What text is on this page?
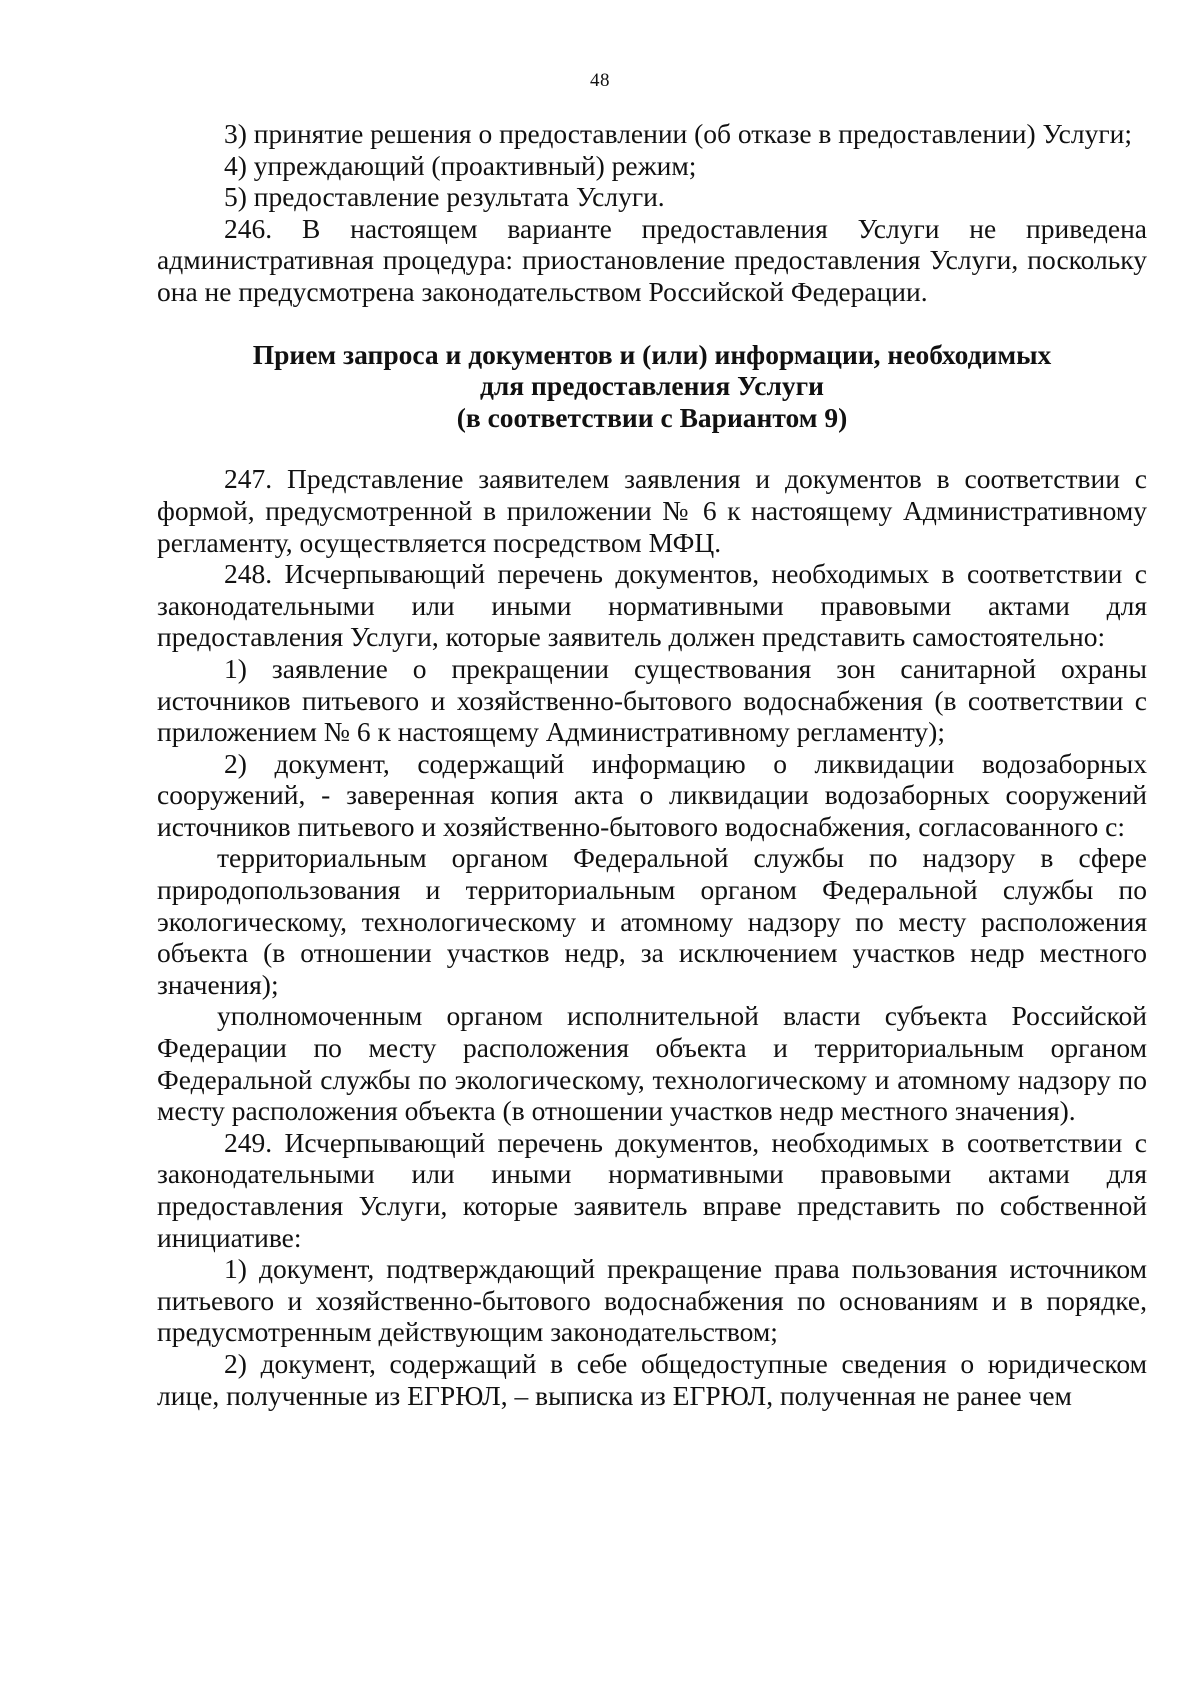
48

3) принятие решения о предоставлении (об отказе в предоставлении) Услуги;

4) упреждающий (проактивный) режим;

5) предоставление результата Услуги.

246. В настоящем варианте предоставления Услуги не приведена административная процедура: приостановление предоставления Услуги, поскольку она не предусмотрена законодательством Российской Федерации.

Прием запроса и документов и (или) информации, необходимых
для предоставления Услуги
(в соответствии с Вариантом 9)

247. Представление заявителем заявления и документов в соответствии с формой, предусмотренной в приложении № 6 к настоящему Административному регламенту, осуществляется посредством МФЦ.

248. Исчерпывающий перечень документов, необходимых в соответствии с законодательными или иными нормативными правовыми актами для предоставления Услуги, которые заявитель должен представить самостоятельно:

1) заявление о прекращении существования зон санитарной охраны источников питьевого и хозяйственно-бытового водоснабжения (в соответствии с приложением № 6 к настоящему Административному регламенту);

2) документ, содержащий информацию о ликвидации водозаборных сооружений, - заверенная копия акта о ликвидации водозаборных сооружений источников питьевого и хозяйственно-бытового водоснабжения, согласованного с:

территориальным органом Федеральной службы по надзору в сфере природопользования и территориальным органом Федеральной службы по экологическому, технологическому и атомному надзору по месту расположения объекта (в отношении участков недр, за исключением участков недр местного значения);

уполномоченным органом исполнительной власти субъекта Российской Федерации по месту расположения объекта и территориальным органом Федеральной службы по экологическому, технологическому и атомному надзору по месту расположения объекта (в отношении участков недр местного значения).

249. Исчерпывающий перечень документов, необходимых в соответствии с законодательными или иными нормативными правовыми актами для предоставления Услуги, которые заявитель вправе представить по собственной инициативе:

1) документ, подтверждающий прекращение права пользования источником питьевого и хозяйственно-бытового водоснабжения по основаниям и в порядке, предусмотренным действующим законодательством;

2) документ, содержащий в себе общедоступные сведения о юридическом лице, полученные из ЕГРЮЛ, – выписка из ЕГРЮЛ, полученная не ранее чем
